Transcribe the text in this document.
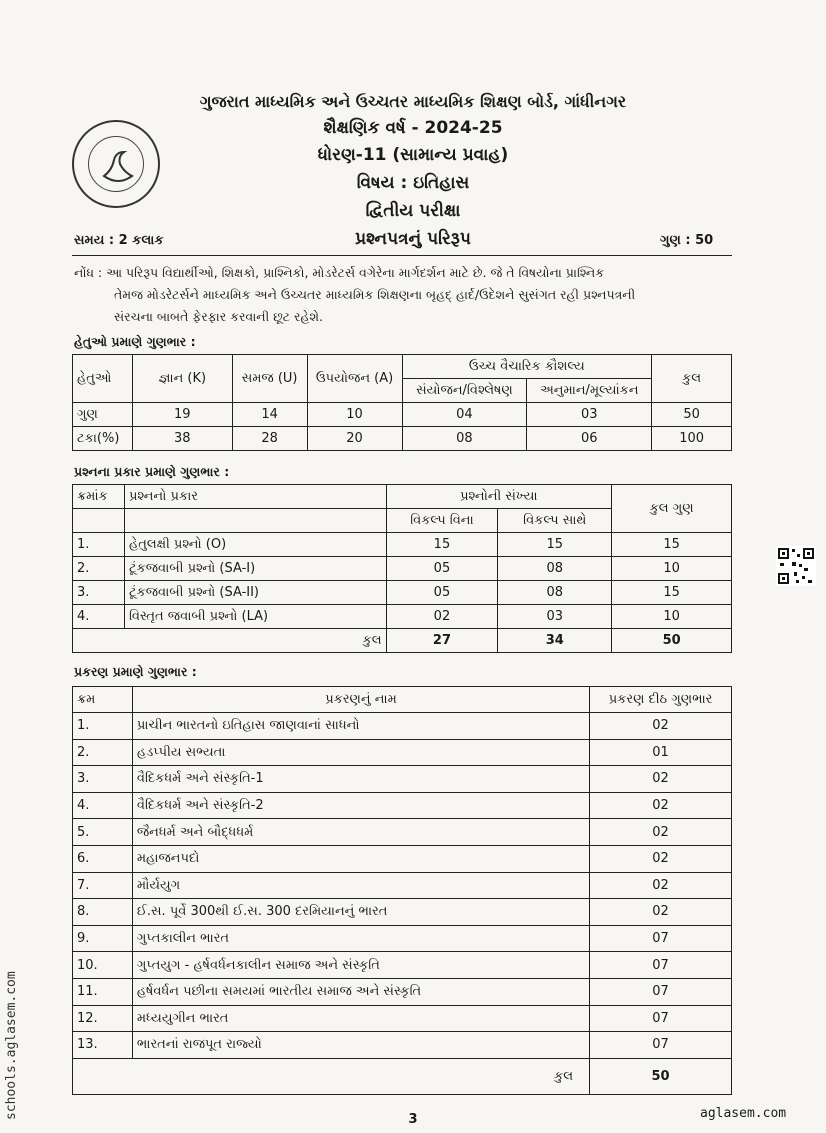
ગુજરાત માધ્યમિક અને ઉચ્ચતર માધ્યમિક શિક્ષણ બોર્ડ, ગાંધીનગર
શૈક્ષણિક વર્ષ - 2024-25
ધોરણ-11 (સામાન્ય પ્રવાહ)
વિષય : ઇતિહાસ
દ્વિતીય પરીક્ષા
પ્રશ્નપત્રનું પરિરૂપ
સમય : 2 કલાક	ગુણ : 50
નોંધ : આ પરિરૂપ વિદ્યાર્થીઓ, શિક્ષકો, પ્રાશ્નિકો, મોડરેટર્સ વગેરેના માર્ગદર્શન માટે છે. જે તે વિષયોના પ્રાશ્નિક
તેમજ મોડરેટર્સને માધ્યમિક અને ઉચ્ચતર માધ્યમિક શિક્ષણના બૃહદ્ હાર્દ/ઉદેશને સુસંગત રહી પ્રશ્નપત્રની
સંરચના બાબતે ફેરફાર કરવાની છૂટ રહેશે.
હેતુઓ પ્રમાણે ગુણભાર :
હેતુઓ	જ્ઞાન (K)	સમજ (U)	ઉપયોજન (A)	ઉચ્ચ વૈચારિક કૌશલ્ય		કુલ
				સંયોજન/વિશ્લેષણ	અનુમાન/મૂલ્યાંકન	
ગુણ	19	14	10	04	03	50
ટકા(%)	38	28	20	08	06	100
પ્રશ્નના પ્રકાર પ્રમાણે ગુણભાર :
ક્રમાંક	પ્રશ્નનો પ્રકાર	પ્રશ્નોની સંખ્યા		કુલ ગુણ
		વિકલ્પ વિના	વિકલ્પ સાથે	
1.	હેતુલક્ષી પ્રશ્નો (O)	15	15	15
2.	ટૂંકજવાબી પ્રશ્નો (SA-I)	05	08	10
3.	ટૂંકજવાબી પ્રશ્નો (SA-II)	05	08	15
4.	વિસ્તૃત જવાબી પ્રશ્નો (LA)	02	03	10
	કુલ	27	34	50
પ્રકરણ પ્રમાણે ગુણભાર :
ક્રમ	પ્રકરણનું નામ	પ્રકરણ દીઠ ગુણભાર
1.	પ્રાચીન ભારતનો ઇતિહાસ જાણવાનાં સાધનો	02
2.	હડપ્પીય સભ્યતા	01
3.	વૈદિકધર્મ અને સંસ્કૃતિ-1	02
4.	વૈદિકધર્મ અને સંસ્કૃતિ-2	02
5.	જૈનધર્મ અને બૌદ્ધધર્મ	02
6.	મહાજનપદો	02
7.	મૌર્યયુગ	02
8.	ઈ.સ. પૂર્વે 300થી ઈ.સ. 300 દરમિયાનનું ભારત	02
9.	ગુપ્તકાલીન ભારત	07
10.	ગુપ્તયુગ - હર્ષવર્ધનકાલીન સમાજ અને સંસ્કૃતિ	07
11.	હર્ષવર્ધન પછીના સમયમાં ભારતીય સમાજ અને સંસ્કૃતિ	07
12.	મધ્યયુગીન ભારત	07
13.	ભારતનાં રાજપૂત રાજ્યો	07
	કુલ	50
3	aglasem.com
schools.aglasem.com
